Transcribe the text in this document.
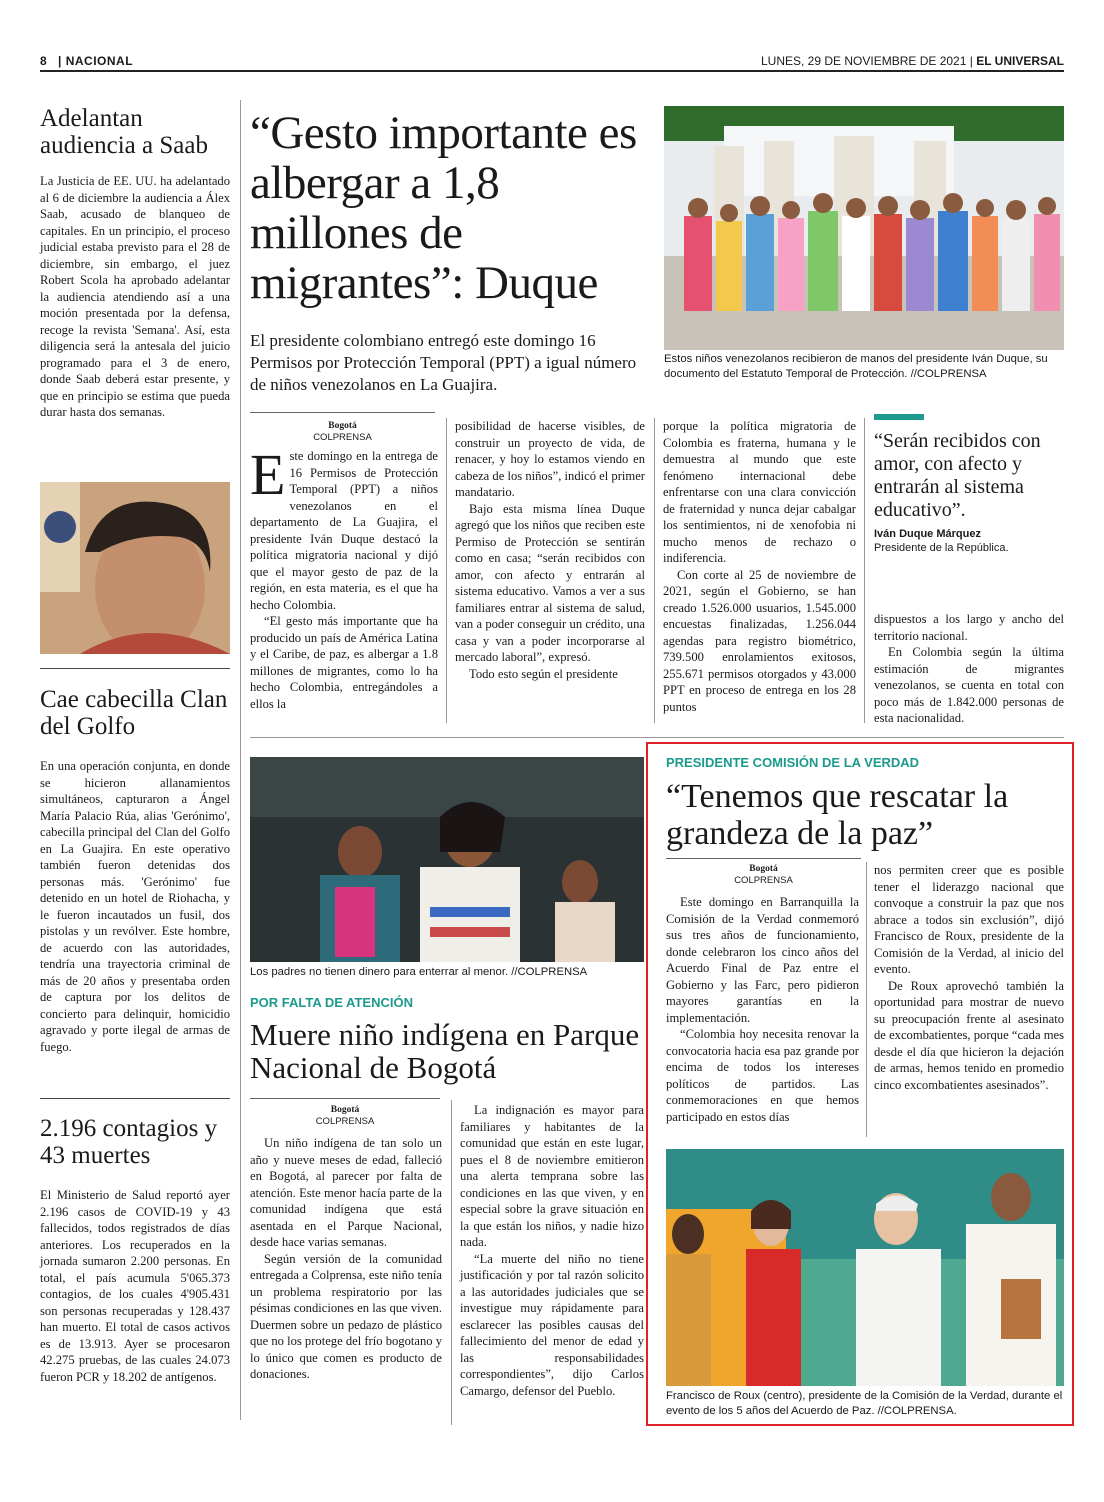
8 | NACIONAL	LUNES, 29 DE NOVIEMBRE DE 2021 | EL UNIVERSAL
Adelantan audiencia a Saab
La Justicia de EE. UU. ha adelantado al 6 de diciembre la audiencia a Álex Saab, acusado de blanqueo de capitales. En un principio, el proceso judicial estaba previsto para el 28 de diciembre, sin embargo, el juez Robert Scola ha aprobado adelantar la audiencia atendiendo así a una moción presentada por la defensa, recoge la revista 'Semana'. Así, esta diligencia será la antesala del juicio programado para el 3 de enero, donde Saab deberá estar presente, y que en principio se estima que pueda durar hasta dos semanas.
Cae cabecilla Clan del Golfo
En una operación conjunta, en donde se hicieron allanamientos simultáneos, capturaron a Ángel María Palacio Rúa, alias 'Gerónimo', cabecilla principal del Clan del Golfo en La Guajira. En este operativo también fueron detenidas dos personas más. 'Gerónimo' fue detenido en un hotel de Riohacha, y le fueron incautados un fusil, dos pistolas y un revólver. Este hombre, de acuerdo con las autoridades, tendría una trayectoria criminal de más de 20 años y presentaba orden de captura por los delitos de concierto para delinquir, homicidio agravado y porte ilegal de armas de fuego.
2.196 contagios y 43 muertes
El Ministerio de Salud reportó ayer 2.196 casos de COVID-19 y 43 fallecidos, todos registrados de días anteriores. Los recuperados en la jornada sumaron 2.200 personas. En total, el país acumula 5'065.373 contagios, de los cuales 4'905.431 son personas recuperadas y 128.437 han muerto. El total de casos activos es de 13.913. Ayer se procesaron 42.275 pruebas, de las cuales 24.073 fueron PCR y 18.202 de antígenos.
“Gesto importante es albergar a 1,8 millones de migrantes”: Duque

El presidente colombiano entregó este domingo 16 Permisos por Protección Temporal (PPT) a igual número de niños venezolanos en La Guajira.

Estos niños venezolanos recibieron de manos del presidente Iván Duque, su documento del Estatuto Temporal de Protección. //COLPRENSA
Bogotá
COLPRENSA

Este domingo en la entrega de 16 Permisos de Protección Temporal (PPT) a niños venezolanos en el departamento de La Guajira, el presidente Iván Duque destacó la política migratoria nacional y dijó que el mayor gesto de paz de la región, en esta materia, es el que ha hecho Colombia.

“El gesto más importante que ha producido un país de América Latina y el Caribe, de paz, es albergar a 1.8 millones de migrantes, como lo ha hecho Colombia, entregándoles a ellos la

posibilidad de hacerse visibles, de construir un proyecto de vida, de renacer, y hoy lo estamos viendo en cabeza de los niños”, indicó el primer mandatario.

Bajo esta misma línea Duque agregó que los niños que reciben este Permiso de Protección se sentirán como en casa; “serán recibidos con amor, con afecto y entrarán al sistema educativo. Vamos a ver a sus familiares entrar al sistema de salud, van a poder conseguir un crédito, una casa y van a poder incorporarse al mercado laboral”, expresó.

Todo esto según el presidente

porque la política migratoria de Colombia es fraterna, humana y le demuestra al mundo que este fenómeno internacional debe enfrentarse con una clara convicción de fraternidad y nunca dejar cabalgar los sentimientos, ni de xenofobia ni mucho menos de rechazo o indiferencia.

Con corte al 25 de noviembre de 2021, según el Gobierno, se han creado 1.526.000 usuarios, 1.545.000 encuestas finalizadas, 1.256.044 agendas para registro biométrico, 739.500 enrolamientos exitosos, 255.671 permisos otorgados y 43.000 PPT en proceso de entrega en los 28 puntos

“Serán recibidos con amor, con afecto y entrarán al sistema educativo”.

Iván Duque Márquez

Presidente de la República.

dispuestos a los largo y ancho del territorio nacional.

En Colombia según la última estimación de migrantes venezolanos, se cuenta en total con poco más de 1.842.000 personas de esta nacionalidad.

Los padres no tienen dinero para enterrar al menor. //COLPRENSA
POR FALTA DE ATENCIÓN
Muere niño indígena en Parque Nacional de Bogotá
Bogotá
COLPRENSA

Un niño indígena de tan solo un año y nueve meses de edad, falleció en Bogotá, al parecer por falta de atención. Este menor hacía parte de la comunidad indígena que está asentada en el Parque Nacional, desde hace varias semanas.

Según versión de la comunidad entregada a Colprensa, este niño tenía un problema respiratorio por las pésimas condiciones en las que viven. Duermen sobre un pedazo de plástico que no los protege del frío bogotano y lo único que comen es producto de donaciones.

La indignación es mayor para familiares y habitantes de la comunidad que están en este lugar, pues el 8 de noviembre emitieron una alerta temprana sobre las condiciones en las que viven, y en especial sobre la grave situación en la que están los niños, y nadie hizo nada.

“La muerte del niño no tiene justificación y por tal razón solicito a las autoridades judiciales que se investigue muy rápidamente para esclarecer las posibles causas del fallecimiento del menor de edad y las responsabilidades correspondientes”, dijo Carlos Camargo, defensor del Pueblo.

PRESIDENTE COMISIÓN DE LA VERDAD
“Tenemos que rescatar la grandeza de la paz”
Bogotá
COLPRENSA

Este domingo en Barranquilla la Comisión de la Verdad conmemoró sus tres años de funcionamiento, donde celebraron los cinco años del Acuerdo Final de Paz entre el Gobierno y las Farc, pero pidieron mayores garantías en la implementación.

“Colombia hoy necesita renovar la convocatoria hacia esa paz grande por encima de todos los intereses políticos de partidos. Las conmemoraciones en que hemos participado en estos días

nos permiten creer que es posible tener el liderazgo nacional que convoque a construir la paz que nos abrace a todos sin exclusión”, dijó Francisco de Roux, presidente de la Comisión de la Verdad, al inicio del evento.

De Roux aprovechó también la oportunidad para mostrar de nuevo su preocupación frente al asesinato de excombatientes, porque “cada mes desde el día que hicieron la dejación de armas, hemos tenido en promedio cinco excombatientes asesinados”.

Francisco de Roux (centro), presidente de la Comisión de la Verdad, durante el evento de los 5 años del Acuerdo de Paz. //COLPRENSA.
